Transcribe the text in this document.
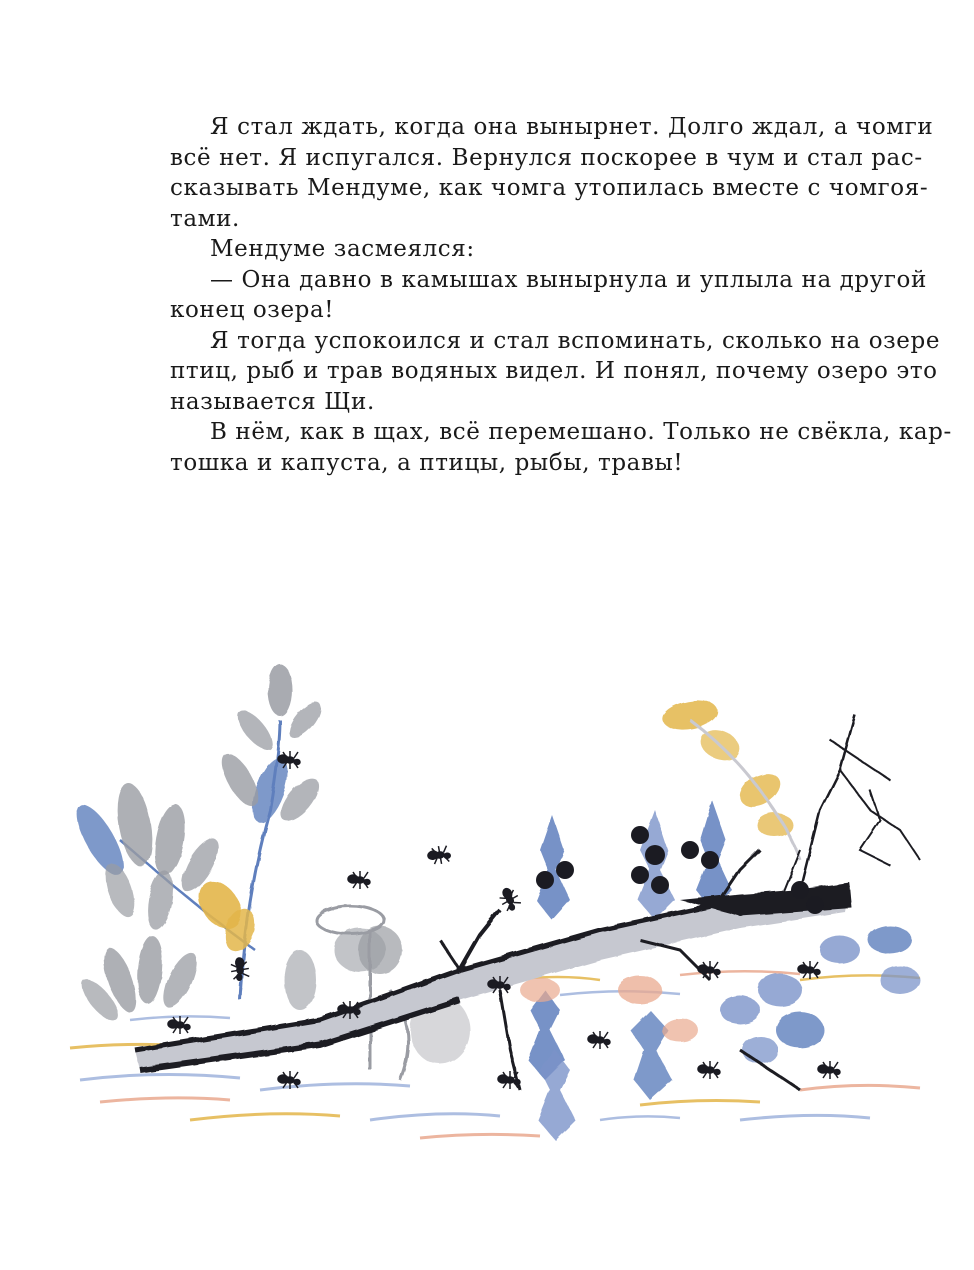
Я стал ждать, когда она вынырнет. Долго ждал, а чомги
всё нет. Я испугался. Вернулся поскорее в чум и стал рас-
сказывать Мендуме, как чомга утопилась вместе с чомгоя-
тами.

Мендуме засмеялся:

— Она давно в камышах вынырнула и уплыла на другой
конец озера!

Я тогда успокоился и стал вспоминать, сколько на озере
птиц, рыб и трав водяных видел. И понял, почему озеро это
называется Щи.

В нём, как в щах, всё перемешано. Только не свёкла, кар-
тошка и капуста, а птицы, рыбы, травы!
